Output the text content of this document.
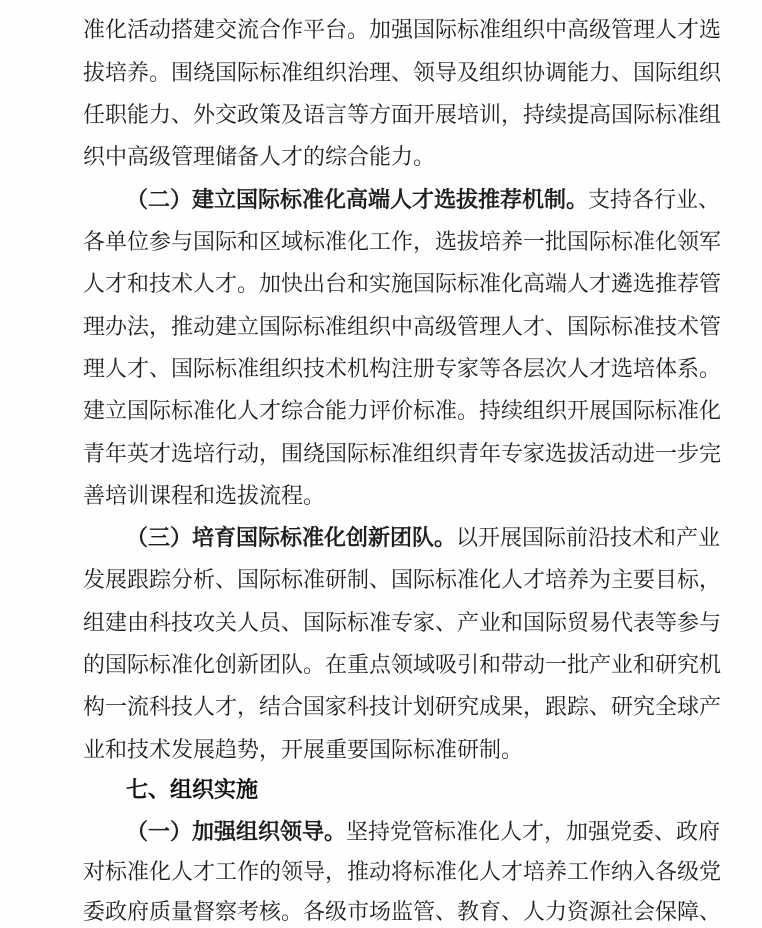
准化活动搭建交流合作平台。加强国际标准组织中高级管理人才选
拔培养。围绕国际标准组织治理、领导及组织协调能力、国际组织
任职能力、外交政策及语言等方面开展培训，持续提高国际标准组
织中高级管理储备人才的综合能力。
（二）建立国际标准化高端人才选拔推荐机制。支持各行业、
各单位参与国际和区域标准化工作，选拔培养一批国际标准化领军
人才和技术人才。加快出台和实施国际标准化高端人才遴选推荐管
理办法，推动建立国际标准组织中高级管理人才、国际标准技术管
理人才、国际标准组织技术机构注册专家等各层次人才选培体系。
建立国际标准化人才综合能力评价标准。持续组织开展国际标准化
青年英才选培行动，围绕国际标准组织青年专家选拔活动进一步完
善培训课程和选拔流程。
（三）培育国际标准化创新团队。以开展国际前沿技术和产业
发展跟踪分析、国际标准研制、国际标准化人才培养为主要目标，
组建由科技攻关人员、国际标准专家、产业和国际贸易代表等参与
的国际标准化创新团队。在重点领域吸引和带动一批产业和研究机
构一流科技人才，结合国家科技计划研究成果，跟踪、研究全球产
业和技术发展趋势，开展重要国际标准研制。
七、组织实施
（一）加强组织领导。坚持党管标准化人才，加强党委、政府
对标准化人才工作的领导，推动将标准化人才培养工作纳入各级党
委政府质量督察考核。各级市场监管、教育、人力资源社会保障、
